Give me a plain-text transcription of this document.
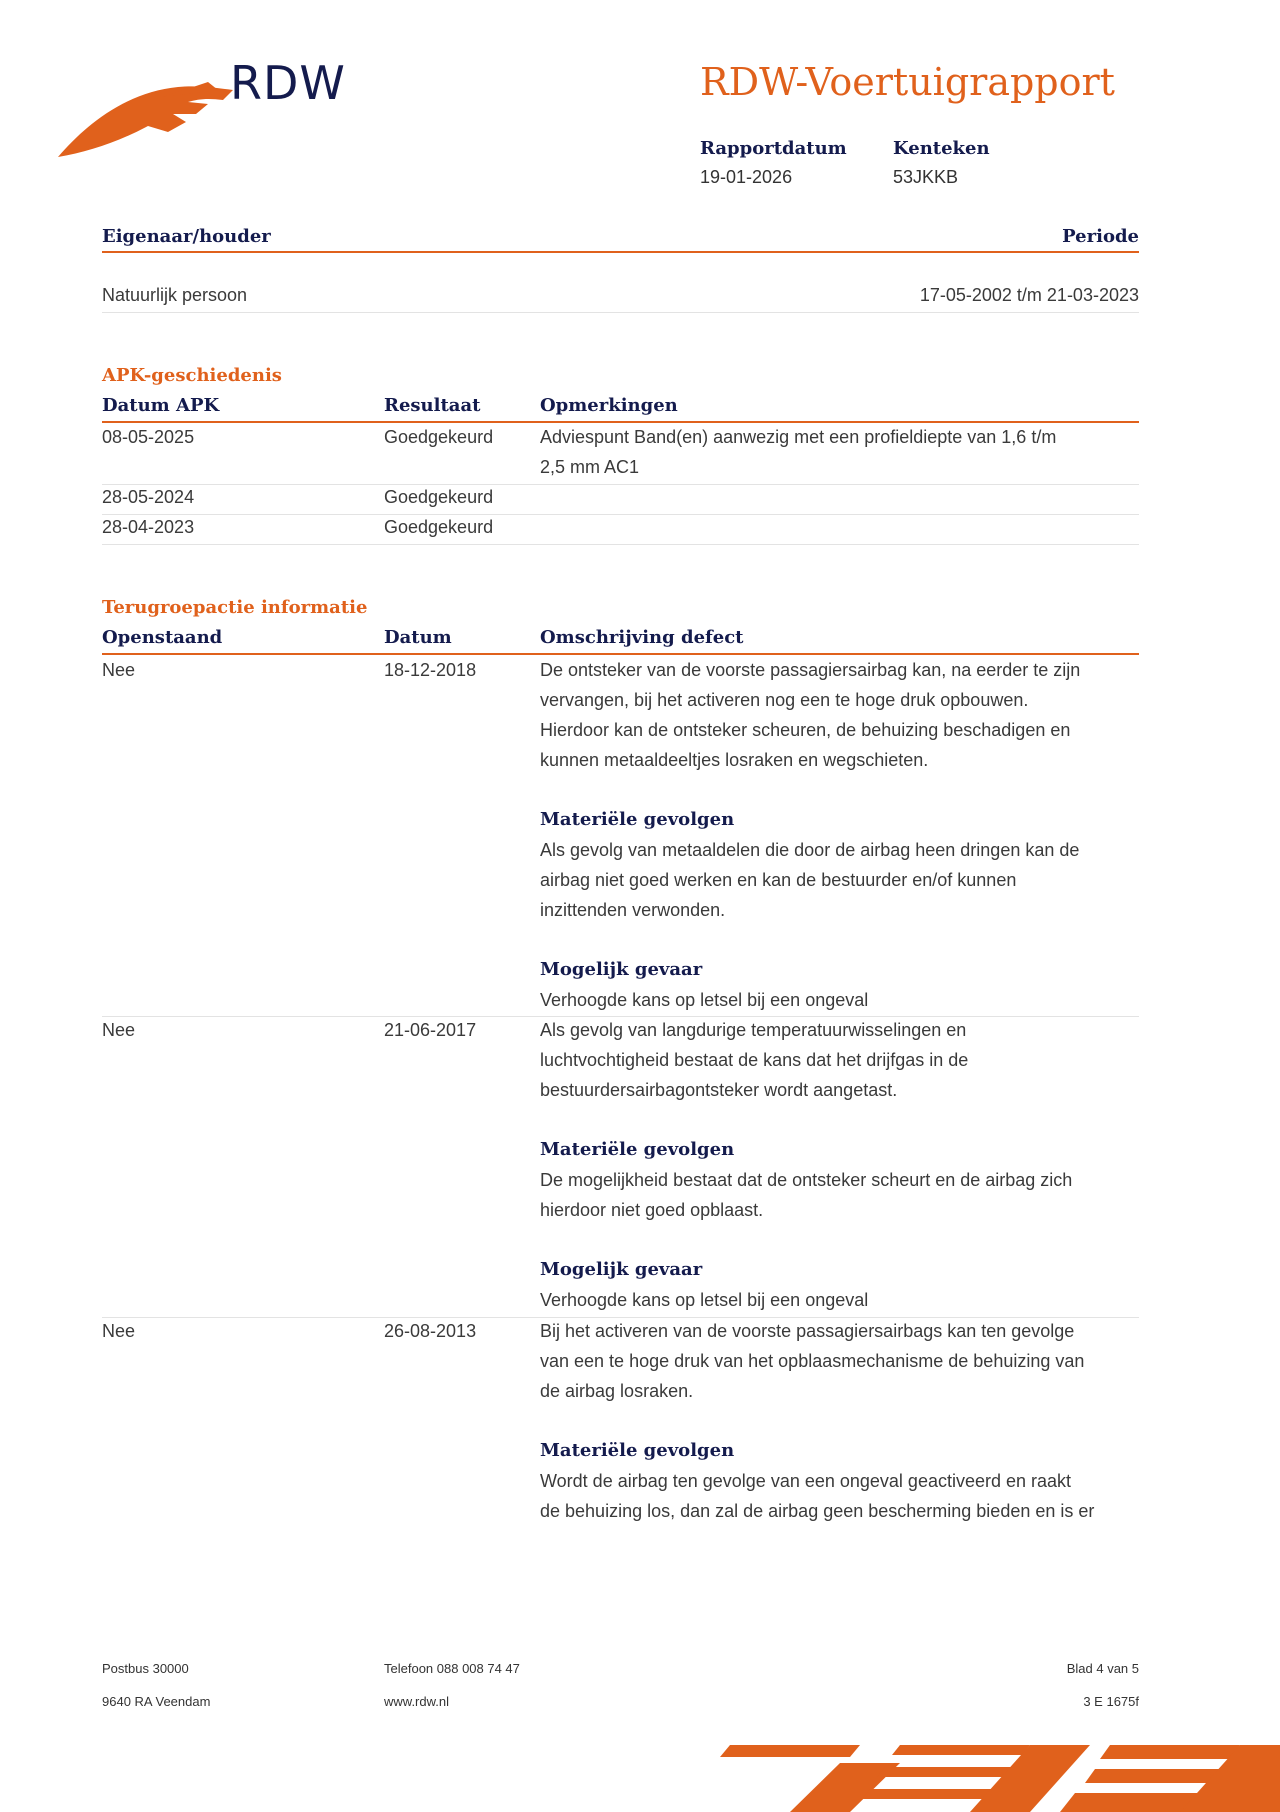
RDW	RDW-Voertuigrapport
Rapportdatum
19-01-2026
Kenteken
53JKKB
Eigenaar/houder	Periode
Natuurlijk persoon	17-05-2002 t/m 21-03-2023
APK-geschiedenis
Datum APK	Resultaat	Opmerkingen
08-05-2025	Goedgekeurd	Adviespunt Band(en) aanwezig met een profieldiepte van 1,6 t/m
2,5 mm AC1
28-05-2024	Goedgekeurd
28-04-2023	Goedgekeurd
Terugroepactie informatie
Openstaand	Datum	Omschrijving defect
Nee	18-12-2018	De ontsteker van de voorste passagiersairbag kan, na eerder te zijn

vervangen, bij het activeren nog een te hoge druk opbouwen.

Hierdoor kan de ontsteker scheuren, de behuizing beschadigen en

kunnen metaaldeeltjes losraken en wegschieten.

Materiële gevolgen

Als gevolg van metaaldelen die door de airbag heen dringen kan de

airbag niet goed werken en kan de bestuurder en/of kunnen

inzittenden verwonden.

Mogelijk gevaar

Verhoogde kans op letsel bij een ongeval

Nee	21-06-2017	Als gevolg van langdurige temperatuurwisselingen en

luchtvochtigheid bestaat de kans dat het drijfgas in de

bestuurdersairbagontsteker wordt aangetast.

Materiële gevolgen

De mogelijkheid bestaat dat de ontsteker scheurt en de airbag zich

hierdoor niet goed opblaast.

Mogelijk gevaar

Verhoogde kans op letsel bij een ongeval

Nee	26-08-2013	Bij het activeren van de voorste passagiersairbags kan ten gevolge

van een te hoge druk van het opblaasmechanisme de behuizing van

de airbag losraken.

Materiële gevolgen

Wordt de airbag ten gevolge van een ongeval geactiveerd en raakt

de behuizing los, dan zal de airbag geen bescherming bieden en is er

Postbus 30000
9640 RA Veendam
Telefoon 088 008 74 47
www.rdw.nl
Blad 4 van 5
3 E 1675f
